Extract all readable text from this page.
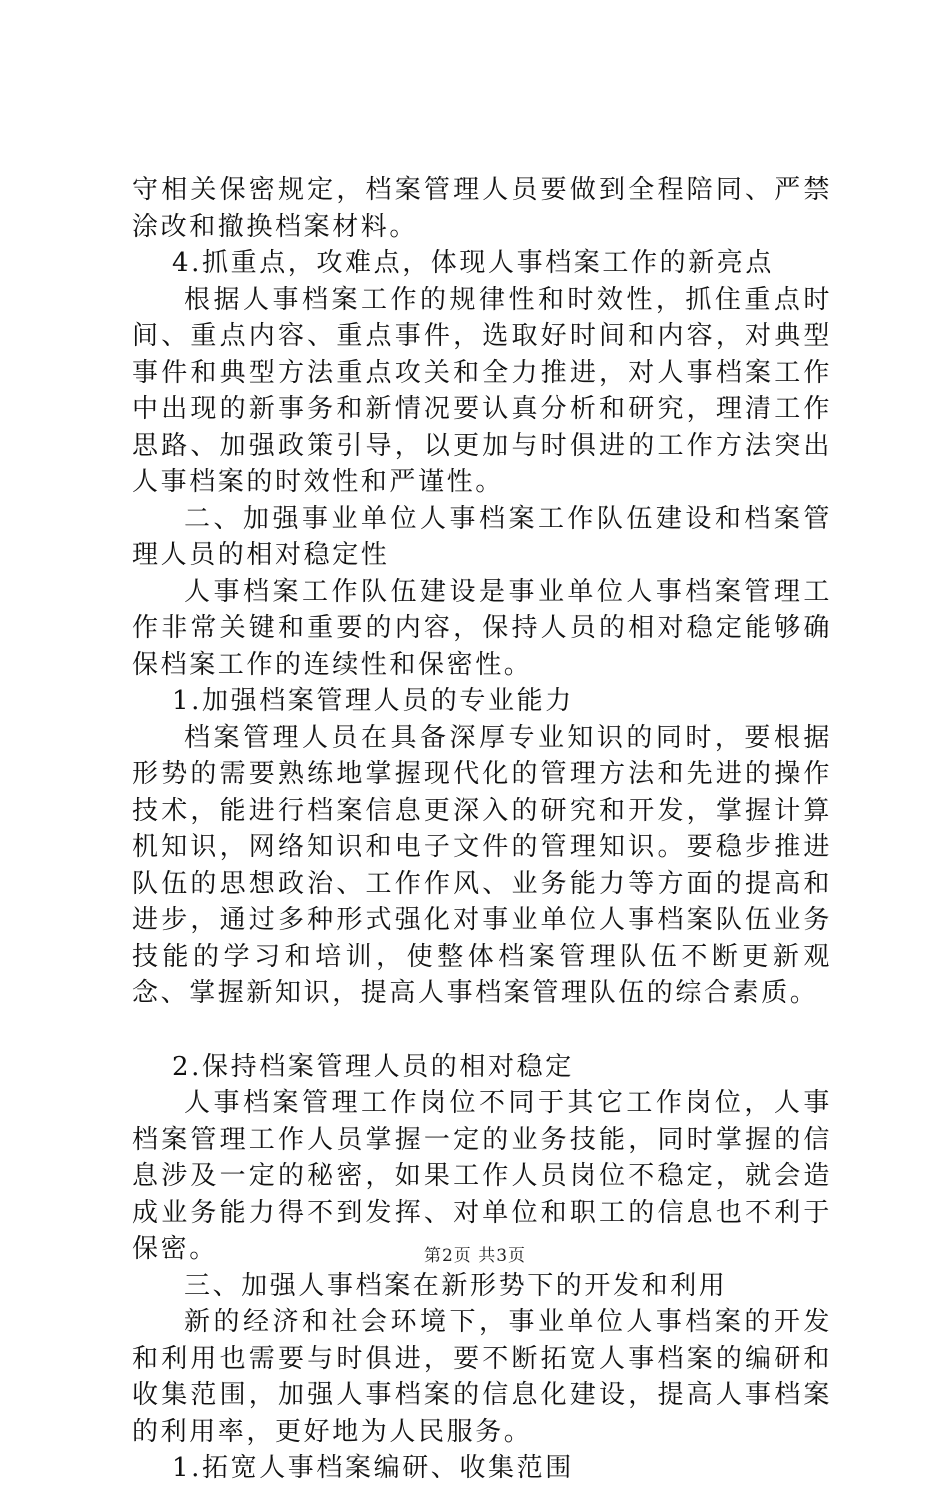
守相关保密规定，档案管理人员要做到全程陪同、严禁涂改和撤换档案材料。

4.抓重点，攻难点，体现人事档案工作的新亮点

根据人事档案工作的规律性和时效性，抓住重点时间、重点内容、重点事件，选取好时间和内容，对典型事件和典型方法重点攻关和全力推进，对人事档案工作中出现的新事务和新情况要认真分析和研究，理清工作思路、加强政策引导，以更加与时俱进的工作方法突出人事档案的时效性和严谨性。

二、加强事业单位人事档案工作队伍建设和档案管理人员的相对稳定性

人事档案工作队伍建设是事业单位人事档案管理工作非常关键和重要的内容，保持人员的相对稳定能够确保档案工作的连续性和保密性。

1.加强档案管理人员的专业能力

档案管理人员在具备深厚专业知识的同时，要根据形势的需要熟练地掌握现代化的管理方法和先进的操作技术，能进行档案信息更深入的研究和开发，掌握计算机知识，网络知识和电子文件的管理知识。要稳步推进队伍的思想政治、工作作风、业务能力等方面的提高和进步，通过多种形式强化对事业单位人事档案队伍业务技能的学习和培训，使整体档案管理队伍不断更新观念、掌握新知识，提高人事档案管理队伍的综合素质。

2.保持档案管理人员的相对稳定

人事档案管理工作岗位不同于其它工作岗位，人事档案管理工作人员掌握一定的业务技能，同时掌握的信息涉及一定的秘密，如果工作人员岗位不稳定，就会造成业务能力得不到发挥、对单位和职工的信息也不利于保密。

三、加强人事档案在新形势下的开发和利用

新的经济和社会环境下，事业单位人事档案的开发和利用也需要与时俱进，要不断拓宽人事档案的编研和收集范围，加强人事档案的信息化建设，提高人事档案的利用率，更好地为人民服务。

1.拓宽人事档案编研、收集范围

第2页 共3页
